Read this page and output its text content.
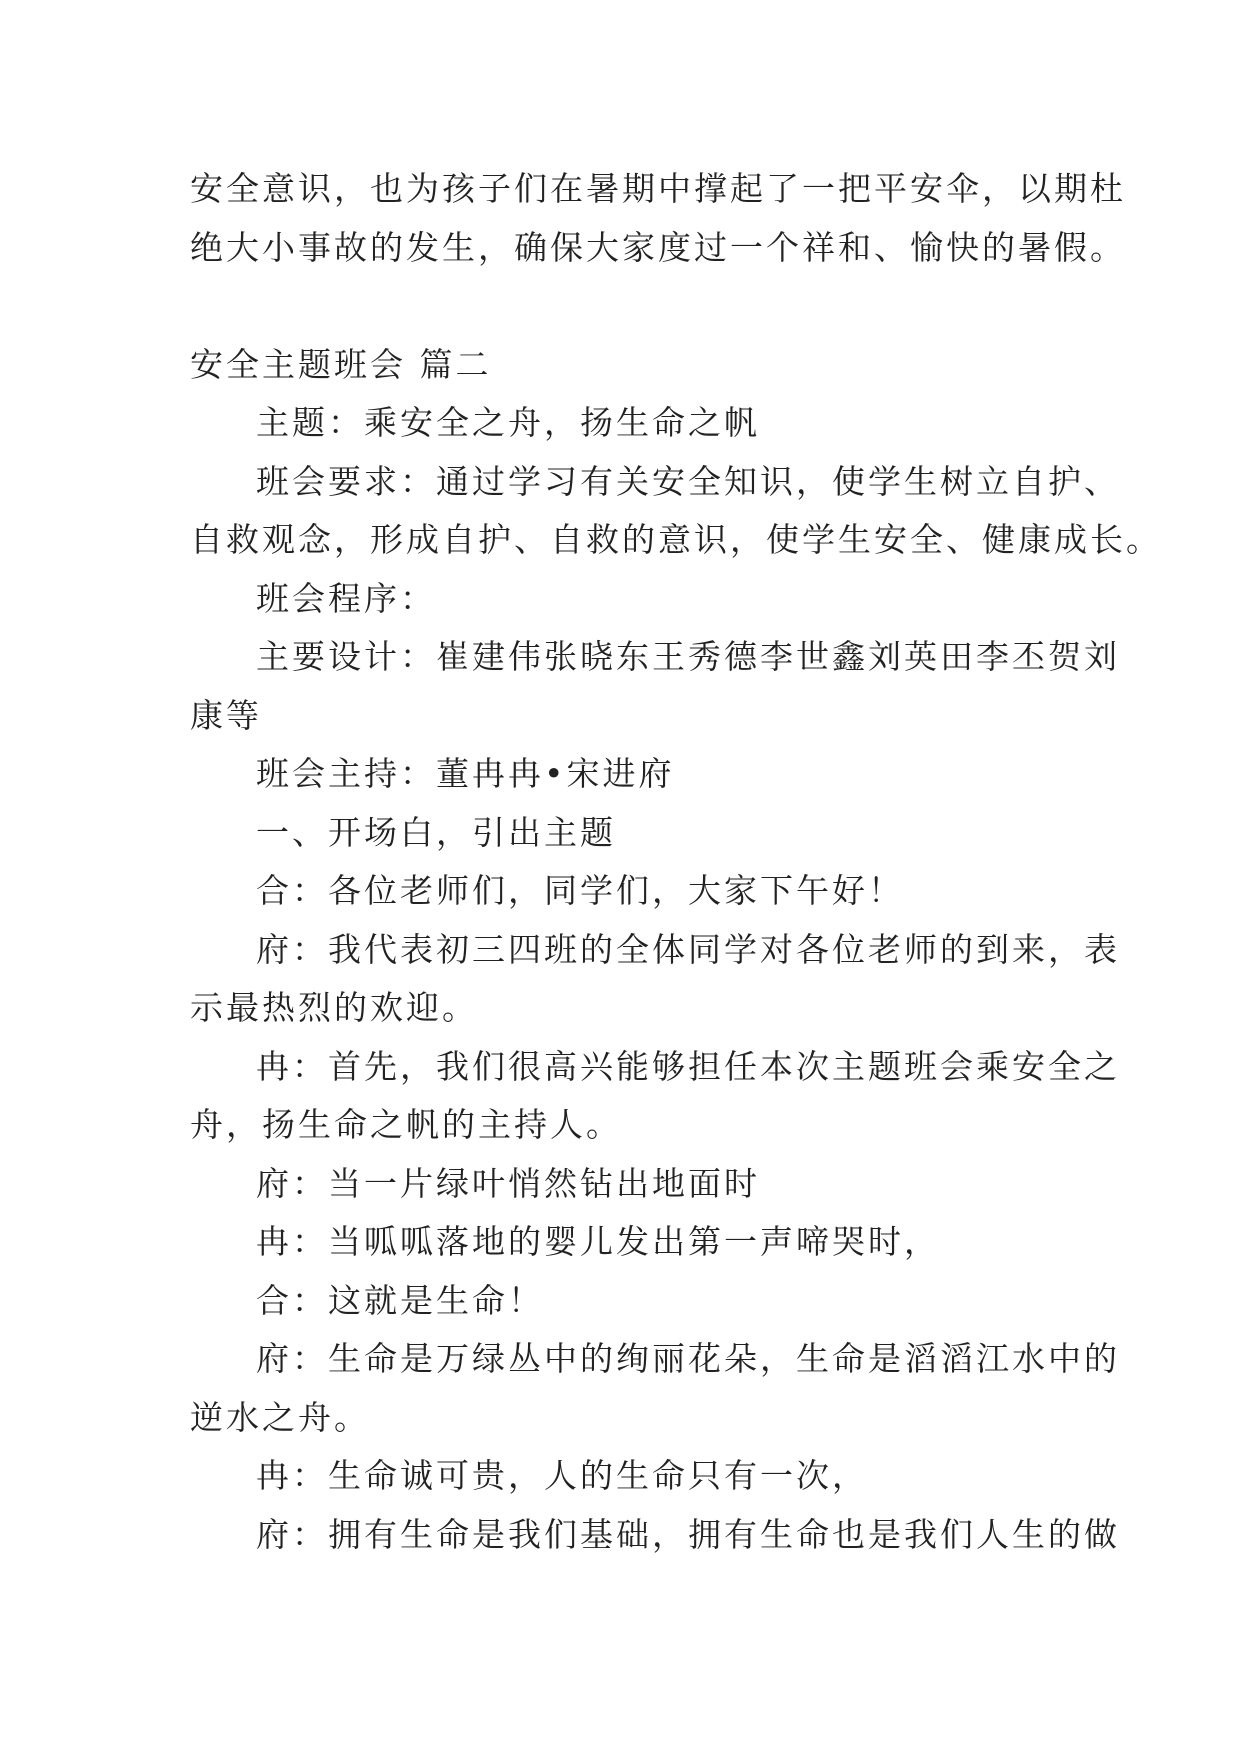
安全意识，也为孩子们在暑期中撑起了一把平安伞，以期杜
绝大小事故的发生，确保大家度过一个祥和、愉快的暑假。
安全主题班会 篇二
主题：乘安全之舟，扬生命之帆
班会要求：通过学习有关安全知识，使学生树立自护、
自救观念，形成自护、自救的意识，使学生安全、健康成长。
班会程序：
主要设计：崔建伟张晓东王秀德李世鑫刘英田李丕贺刘
康等
班会主持：董冉冉•宋进府
一、开场白，引出主题
合：各位老师们，同学们，大家下午好！
府：我代表初三四班的全体同学对各位老师的到来，表
示最热烈的欢迎。
冉：首先，我们很高兴能够担任本次主题班会乘安全之
舟，扬生命之帆的主持人。
府：当一片绿叶悄然钻出地面时
冉：当呱呱落地的婴儿发出第一声啼哭时，
合：这就是生命！
府：生命是万绿丛中的绚丽花朵，生命是滔滔江水中的
逆水之舟。
冉：生命诚可贵，人的生命只有一次，
府：拥有生命是我们基础，拥有生命也是我们人生的做
